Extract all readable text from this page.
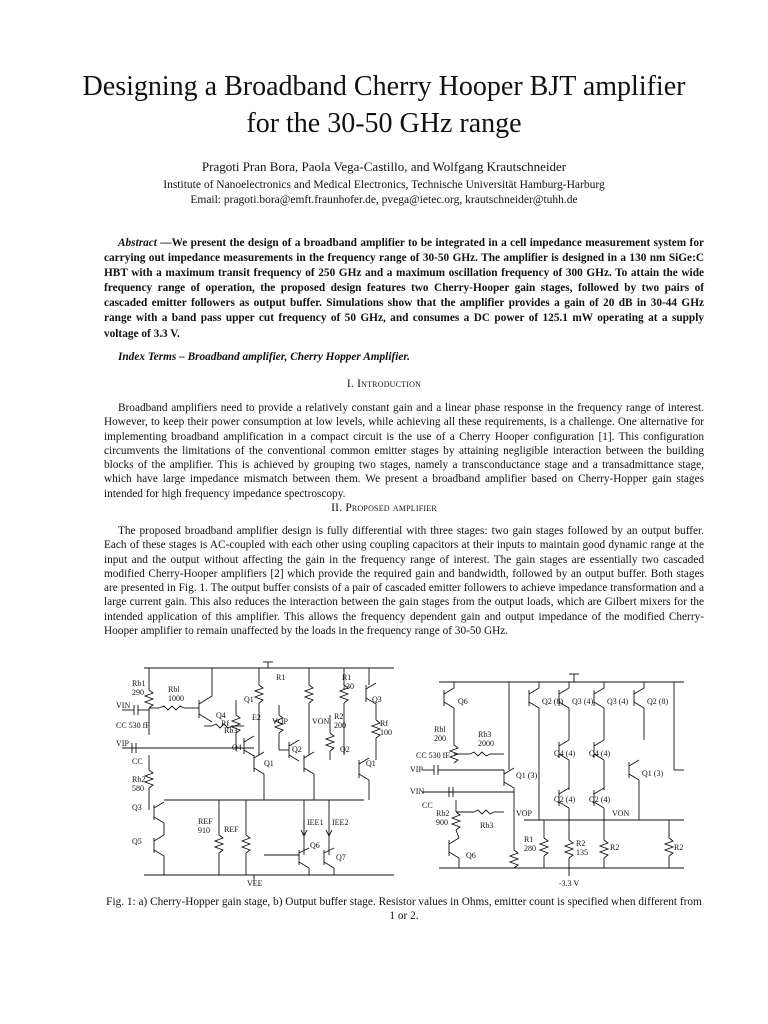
Designing a Broadband Cherry Hooper BJT amplifier for the 30-50 GHz range
Pragoti Pran Bora, Paola Vega-Castillo, and Wolfgang Krautschneider
Institute of Nanoelectronics and Medical Electronics, Technische Universität Hamburg-Harburg
Email: pragoti.bora@emft.fraunhofer.de, pvega@ietec.org, krautschneider@tuhh.de

Abstract —We present the design of a broadband amplifier to be integrated in a cell impedance measurement system for carrying out impedance measurements in the frequency range of 30-50 GHz. The amplifier is designed in a 130 nm SiGe:C HBT with a maximum transit frequency of 250 GHz and a maximum oscillation frequency of 300 GHz. To attain the wide frequency range of operation, the proposed design features two Cherry-Hooper gain stages, followed by two pairs of cascaded emitter followers as output buffer. Simulations show that the amplifier provides a gain of 20 dB in 30-44 GHz range with a band pass upper cut frequency of 50 GHz, and consumes a DC power of 125.1 mW operating at a supply voltage of 3.3 V.

Index Terms – Broadband amplifier, Cherry Hopper Amplifier.

I. Introduction

Broadband amplifiers need to provide a relatively constant gain and a linear phase response in the frequency range of interest. However, to keep their power consumption at low levels, while achieving all these requirements, is a challenge. One alternative for implementing broadband amplification in a compact circuit is the use of a Cherry Hooper configuration [1]. This configuration circumvents the limitations of the conventional common emitter stages by attaining negligible interaction between the building blocks of the amplifier. This is achieved by grouping two stages, namely a transconductance stage and a transadmittance stage, which have large impedance mismatch between them. We present a broadband amplifier based on Cherry-Hopper gain stages intended for high frequency impedance spectroscopy.

II. Proposed amplifier

The proposed broadband amplifier design is fully differential with three stages: two gain stages followed by an output buffer. Each of these stages is AC-coupled with each other using coupling capacitors at their inputs to maintain good dynamic range at the input and the output without affecting the gain in the frequency range of interest. The gain stages are essentially two cascaded modified Cherry-Hooper amplifiers [2] which provide the required gain and bandwidth, followed by an output buffer. Both stages are presented in Fig. 1. The output buffer consists of a pair of cascaded emitter followers to achieve impedance transformation and a large current gain. This also reduces the interaction between the gain stages from the output loads, which are Gilbert mixers for the intended application of this amplifier. This allows the frequency dependent gain and output impedance of the modified Cherry-Hooper amplifier to remain unaffected by the loads in the frequency range of 30-50 GHz.

Rb1
290	Rbl
1000
VIN
CC 530 fF
VIP
CC
Rb2
580
Q3
Q5
Q4
Rb3
Q4
R1
Q1
Rf
E2 VOP
Q2
Q1
R1
130
VON
R2
200	Rf
100
Q3
Q2
Q1
REF
910 REF
IEE1 IEE2
Q6
Q7
VEE
Q6	Q2 (8) Q3 (4) Q3 (4) Q2 (8)
Rbl
200	Rb3
2000
CC 530 fF	Q4 (4) Q4 (4)
VIP
Q1 (3)	Q1 (3)
VIN
CC
Q2 (4) Q2 (4)
Rb2
900	Rb3
VOP	VON
R1
280
R2
135
R2	R2
Q6
-3.3 V

Fig. 1: a) Cherry-Hopper gain stage, b) Output buffer stage. Resistor values in Ohms, emitter count is specified when different from 1 or 2.
